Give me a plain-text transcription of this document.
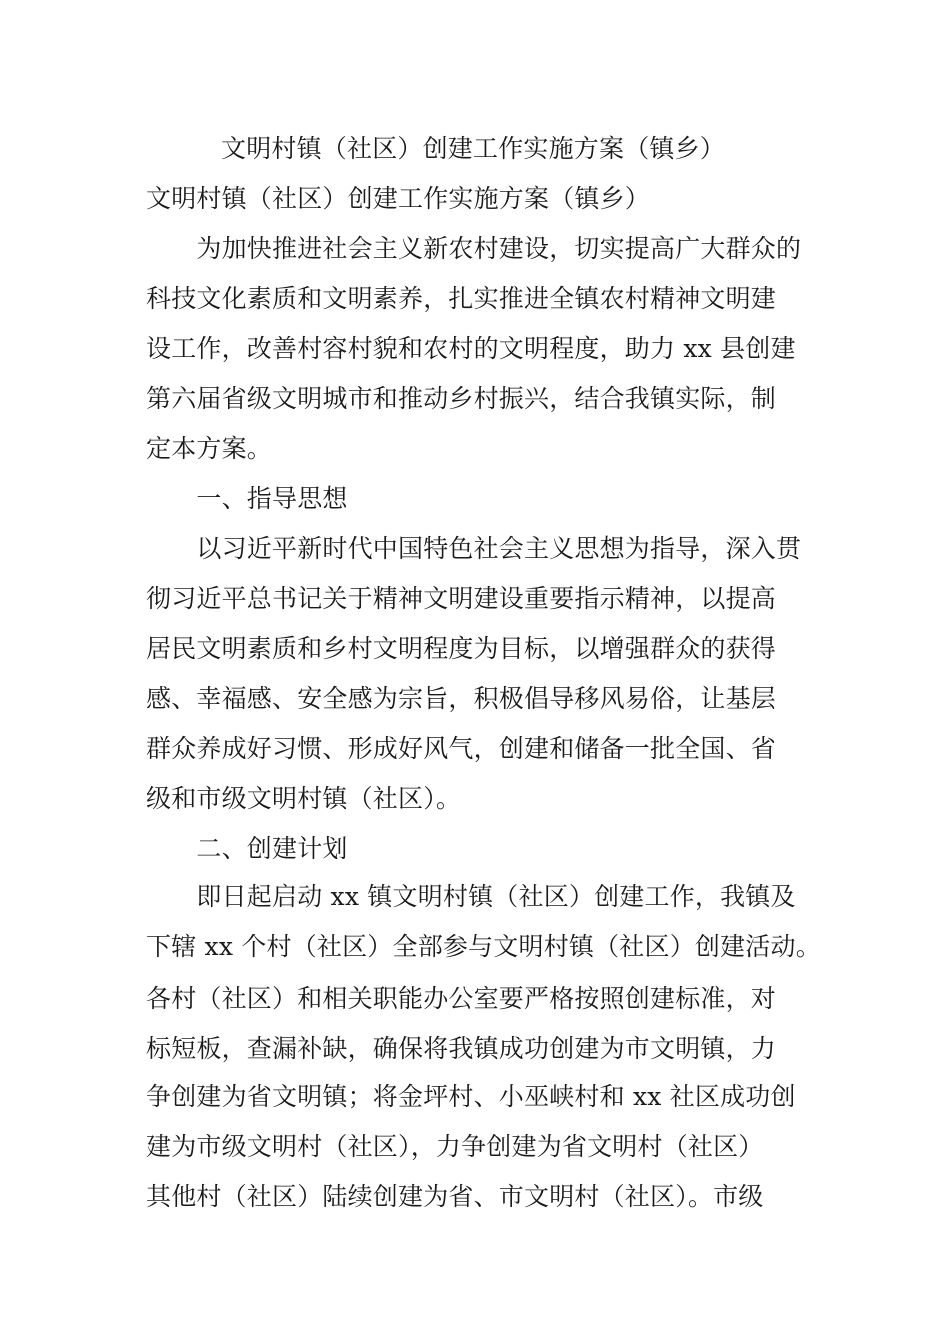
文明村镇（社区）创建工作实施方案（镇乡）
文明村镇（社区）创建工作实施方案（镇乡）
　　为加快推进社会主义新农村建设，切实提高广大群众的
科技文化素质和文明素养，扎实推进全镇农村精神文明建
设工作，改善村容村貌和农村的文明程度，助力 xx 县创建
第六届省级文明城市和推动乡村振兴，结合我镇实际，制
定本方案。
　　一、指导思想
　　以习近平新时代中国特色社会主义思想为指导，深入贯
彻习近平总书记关于精神文明建设重要指示精神，以提高
居民文明素质和乡村文明程度为目标，以增强群众的获得
感、幸福感、安全感为宗旨，积极倡导移风易俗，让基层
群众养成好习惯、形成好风气，创建和储备一批全国、省
级和市级文明村镇（社区）。
　　二、创建计划
　　即日起启动 xx 镇文明村镇（社区）创建工作，我镇及
下辖 xx 个村（社区）全部参与文明村镇（社区）创建活动。
各村（社区）和相关职能办公室要严格按照创建标准，对
标短板，查漏补缺，确保将我镇成功创建为市文明镇，力
争创建为省文明镇；将金坪村、小巫峡村和 xx 社区成功创
建为市级文明村（社区），力争创建为省文明村（社区）
其他村（社区）陆续创建为省、市文明村（社区）。市级
